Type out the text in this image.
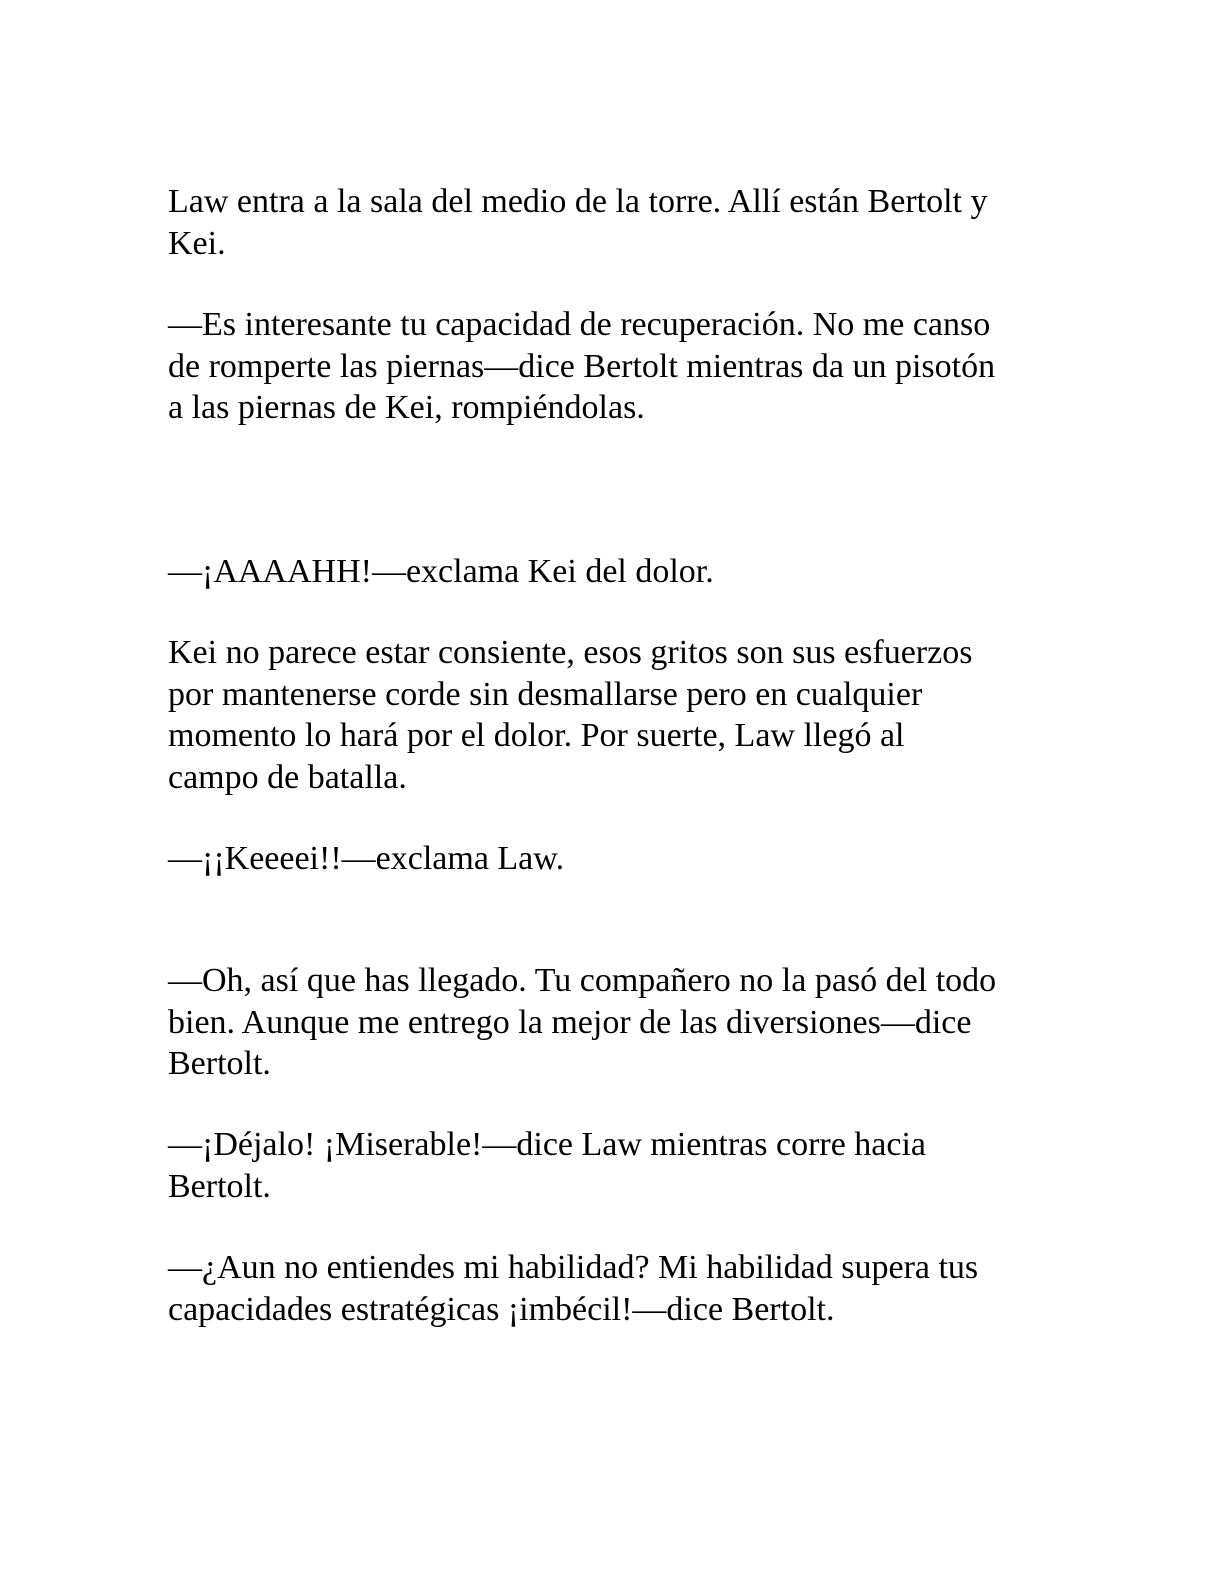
Law entra a la sala del medio de la torre. Allí están Bertolt y
Kei.

—Es interesante tu capacidad de recuperación. No me canso
de romperte las piernas—dice Bertolt mientras da un pisotón
a las piernas de Kei, rompiéndolas.

—¡AAAAHH!—exclama Kei del dolor.

Kei no parece estar consiente, esos gritos son sus esfuerzos
por mantenerse corde sin desmallarse pero en cualquier
momento lo hará por el dolor. Por suerte, Law llegó al
campo de batalla.

—¡¡Keeeei!!—exclama Law.

—Oh, así que has llegado. Tu compañero no la pasó del todo
bien. Aunque me entrego la mejor de las diversiones—dice
Bertolt.

—¡Déjalo! ¡Miserable!—dice Law mientras corre hacia
Bertolt.

—¿Aun no entiendes mi habilidad? Mi habilidad supera tus
capacidades estratégicas ¡imbécil!—dice Bertolt.
